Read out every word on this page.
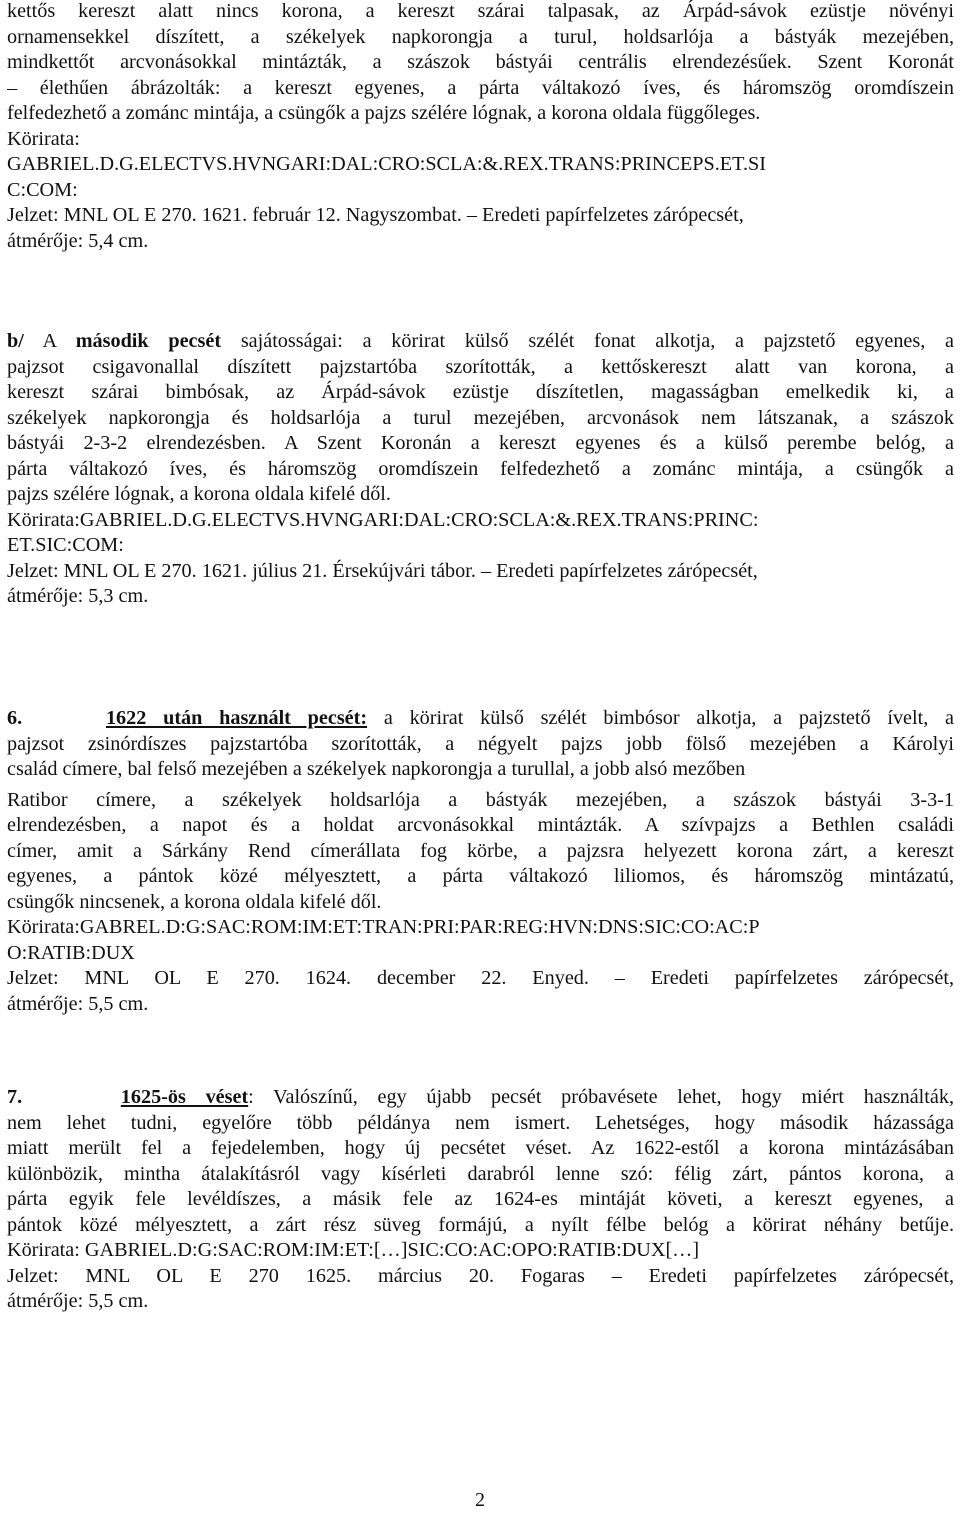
kettős kereszt alatt nincs korona, a kereszt szárai talpasak, az Árpád-sávok ezüstje növényi
ornamensekkel díszített, a székelyek napkorongja a turul, holdsarlója a bástyák mezejében,
mindkettőt arcvonásokkal mintázták, a szászok bástyái centrális elrendezésűek. Szent Koronát
– élethűen ábrázolták: a kereszt egyenes, a párta váltakozó íves, és háromszög oromdíszein
felfedezhető a zománc mintája, a csüngők a pajzs szélére lógnak, a korona oldala függőleges.
Körirata:
GABRIEL.D.G.ELECTVS.HVNGARI:DAL:CRO:SCLA:&.REX.TRANS:PRINCEPS.ET.SI
C:COM:
Jelzet: MNL OL E 270. 1621. február 12. Nagyszombat. – Eredeti papírfelzetes zárópecsét,
átmérője: 5,4 cm.
b/ A második pecsét sajátosságai: a körirat külső szélét fonat alkotja, a pajzstető egyenes, a
pajzsot csigavonallal díszített pajzstartóba szorították, a kettőskereszt alatt van korona, a
kereszt szárai bimbósak, az Árpád-sávok ezüstje díszítetlen, magasságban emelkedik ki, a
székelyek napkorongja és holdsarlója a turul mezejében, arcvonások nem látszanak, a szászok
bástyái 2-3-2 elrendezésben. A Szent Koronán a kereszt egyenes és a külső perembe belóg, a
párta váltakozó íves, és háromszög oromdíszein felfedezhető a zománc mintája, a csüngők a
pajzs szélére lógnak, a korona oldala kifelé dől.
Körirata:GABRIEL.D.G.ELECTVS.HVNGARI:DAL:CRO:SCLA:&.REX.TRANS:PRINC:
ET.SIC:COM:
Jelzet: MNL OL E 270. 1621. július 21. Érsekújvári tábor. – Eredeti papírfelzetes zárópecsét,
átmérője: 5,3 cm.
6.	1622 után használt pecsét: a körirat külső szélét bimbósor alkotja, a pajzstető ívelt, a
pajzsot zsinórdíszes pajzstartóba szorították, a négyelt pajzs jobb fölső mezejében a Károlyi
család címere, bal felső mezejében a székelyek napkorongja a turullal, a jobb alsó mezőben
Ratibor címere, a székelyek holdsarlója a bástyák mezejében, a szászok bástyái 3-3-1
elrendezésben, a napot és a holdat arcvonásokkal mintázták. A szívpajzs a Bethlen családi
címer, amit a Sárkány Rend címerállata fog körbe, a pajzsra helyezett korona zárt, a kereszt
egyenes, a pántok közé mélyesztett, a párta váltakozó liliomos, és háromszög mintázatú,
csüngők nincsenek, a korona oldala kifelé dől.
Körirata:GABREL.D:G:SAC:ROM:IM:ET:TRAN:PRI:PAR:REG:HVN:DNS:SIC:CO:AC:P
O:RATIB:DUX
Jelzet: MNL OL E 270. 1624. december 22. Enyed. – Eredeti papírfelzetes zárópecsét,
átmérője: 5,5 cm.
7.	1625-ös véset: Valószínű, egy újabb pecsét próbavésete lehet, hogy miért használták,
nem lehet tudni, egyelőre több példánya nem ismert. Lehetséges, hogy második házassága
miatt merült fel a fejedelemben, hogy új pecsétet véset. Az 1622-estől a korona mintázásában
különbözik, mintha átalakításról vagy kísérleti darabról lenne szó: félig zárt, pántos korona, a
párta egyik fele levéldíszes, a másik fele az 1624-es mintáját követi, a kereszt egyenes, a
pántok közé mélyesztett, a zárt rész süveg formájú, a nyílt félbe belóg a körirat néhány betűje.
Körirata: GABRIEL.D:G:SAC:ROM:IM:ET:[…]SIC:CO:AC:OPO:RATIB:DUX[…]
Jelzet: MNL OL E 270 1625. március 20. Fogaras – Eredeti papírfelzetes zárópecsét,
átmérője: 5,5 cm.
2
